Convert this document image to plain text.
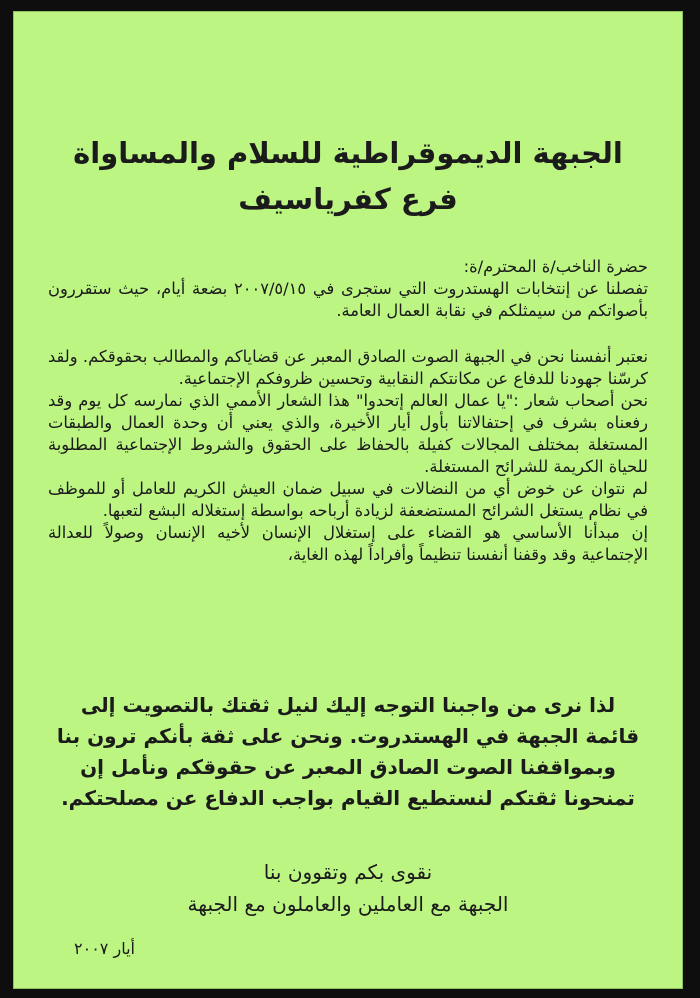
الجبهة الديموقراطية للسلام والمساواة
فرع كفرياسيف

حضرة الناخب/ة المحترم/ة:

تفصلنا عن إنتخابات الهستدروت التي ستجرى في ٢٠٠٧/٥/١٥ بضعة أيام، حيث ستقررون بأصواتكم من سيمثلكم في نقابة العمال العامة.

نعتبر أنفسنا نحن في الجبهة الصوت الصادق المعبر عن قضاياكم والمطالب بحقوقكم. ولقد كرسّنا جهودنا للدفاع عن مكانتكم النقابية وتحسين ظروفكم الإجتماعية.

نحن أصحاب شعار :"يا عمال العالم إتحدوا" هذا الشعار الأممي الذي نمارسه كل يوم وقد رفعناه بشرف في إحتفالاتنا بأول أيار الأخيرة، والذي يعني أن وحدة العمال والطبقات المستغلة بمختلف المجالات كفيلة بالحفاظ على الحقوق والشروط الإجتماعية المطلوبة للحياة الكريمة للشرائح المستغلة.

لم نتوان عن خوض أي من النضالات في سبيل ضمان العيش الكريم للعامل أو للموظف في نظام يستغل الشرائح المستضعفة لزيادة أرباحه بواسطة إستغلاله البشع لتعبها.

إن مبدأنا الأساسي هو القضاء على إستغلال الإنسان لأخيه الإنسان وصولاً للعدالة الإجتماعية وقد وقفنا أنفسنا تنظيماً وأفراداً لهذه الغاية،

لذا نرى من واجبنا التوجه إليك لنيل ثقتك بالتصويت إلى قائمة الجبهة في الهستدروت. ونحن على ثقة بأنكم ترون بنا وبمواقفنا الصوت الصادق المعبر عن حقوقكم ونأمل إن تمنحونا ثقتكم لنستطيع القيام بواجب الدفاع عن مصلحتكم.
نقوى بكم وتقوون بنا
الجبهة مع العاملين والعاملون مع الجبهة
أيار ٢٠٠٧
